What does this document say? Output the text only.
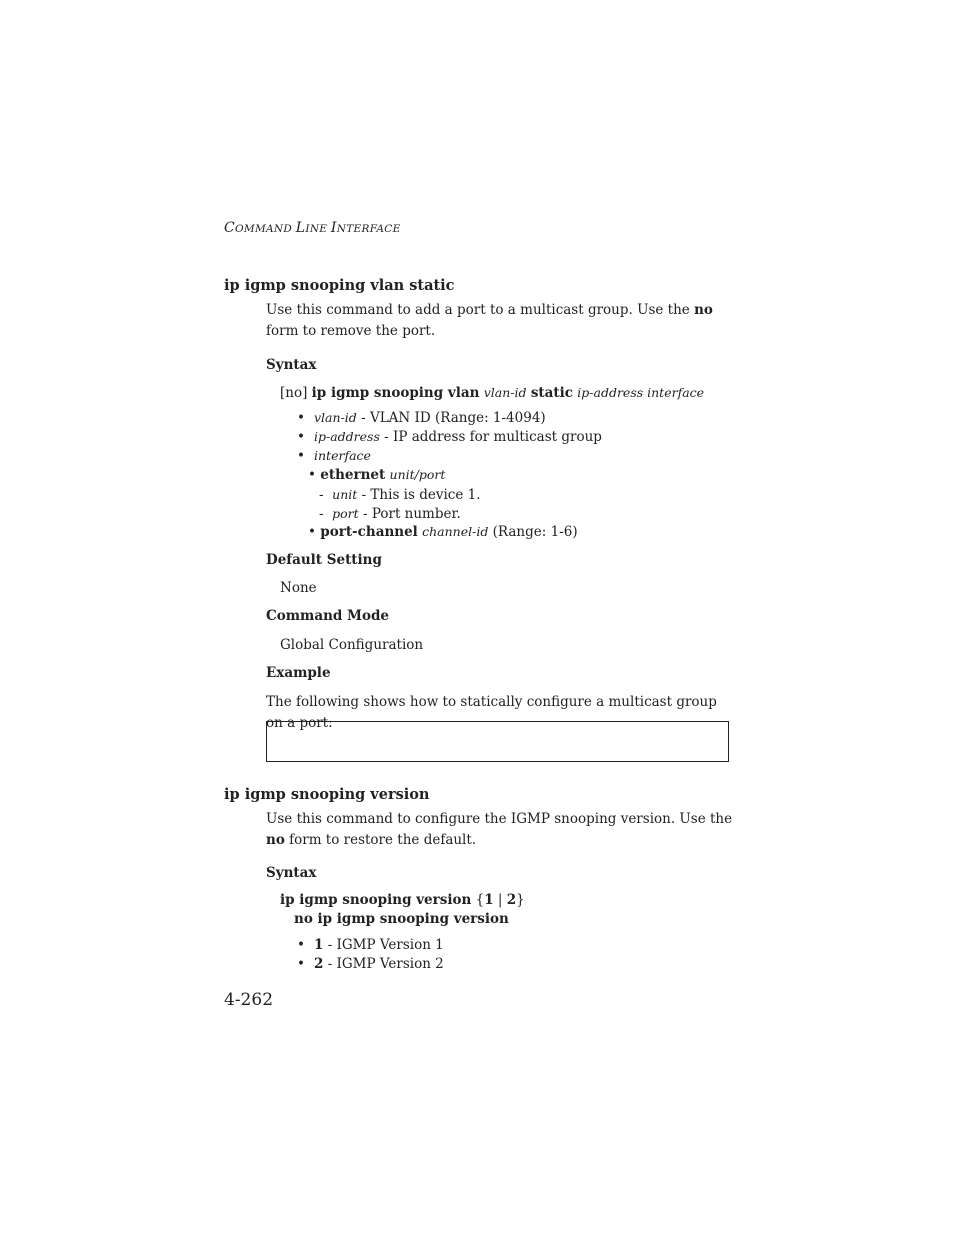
COMMAND LINE INTERFACE
ip igmp snooping vlan static
Use this command to add a port to a multicast group. Use the no form to remove the port.
Syntax
[no] ip igmp snooping vlan vlan-id static ip-address interface
• vlan-id - VLAN ID (Range: 1-4094)
• ip-address - IP address for multicast group
• interface
• ethernet unit/port
- unit - This is device 1.
- port - Port number.
• port-channel channel-id (Range: 1-6)
Default Setting
None
Command Mode
Global Configuration
Example
The following shows how to statically configure a multicast group on a port:
ip igmp snooping version
Use this command to configure the IGMP snooping version. Use the no form to restore the default.
Syntax
ip igmp snooping version {1 | 2}
no ip igmp snooping version
• 1 - IGMP Version 1
• 2 - IGMP Version 2
4-262
